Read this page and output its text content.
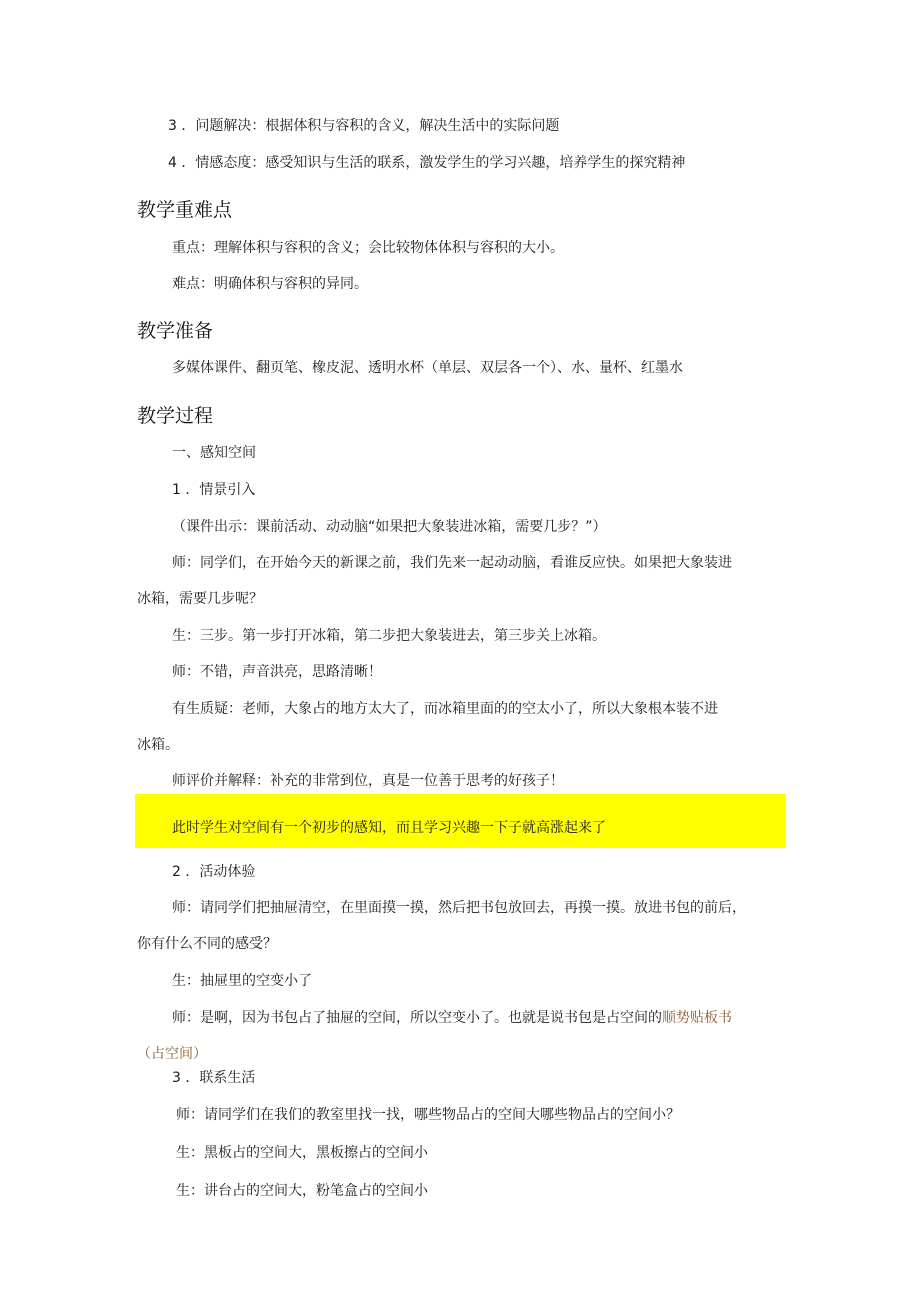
3 ．问题解决：根据体积与容积的含义，解决生活中的实际问题
4 ．情感态度：感受知识与生活的联系，激发学生的学习兴趣，培养学生的探究精神
教学重难点
重点：理解体积与容积的含义；会比较物体体积与容积的大小。
难点：明确体积与容积的异同。
教学准备
多媒体课件、翻页笔、橡皮泥、透明水杯（单层、双层各一个）、水、量杯、红墨水
教学过程
一、感知空间
1 ．情景引入
（课件出示：课前活动、动动脑“如果把大象装进冰箱，需要几步？”）
师：同学们，在开始今天的新课之前，我们先来一起动动脑，看谁反应快。如果把大象装进
冰箱，需要几步呢？
生：三步。第一步打开冰箱，第二步把大象装进去，第三步关上冰箱。
师：不错，声音洪亮，思路清晰！
有生质疑：老师，大象占的地方太大了，而冰箱里面的的空太小了，所以大象根本装不进
冰箱。
师评价并解释：补充的非常到位，真是一位善于思考的好孩子！
此时学生对空间有一个初步的感知，而且学习兴趣一下子就高涨起来了
2 ．活动体验
师：请同学们把抽屉清空，在里面摸一摸，然后把书包放回去，再摸一摸。放进书包的前后，
你有什么不同的感受？
生：抽屉里的空变小了
师：是啊，因为书包占了抽屉的空间，所以空变小了。也就是说书包是占空间的顺势贴板书
（占空间）
3 ．联系生活
师：请同学们在我们的教室里找一找，哪些物品占的空间大哪些物品占的空间小？
生：黑板占的空间大，黑板擦占的空间小
生：讲台占的空间大，粉笔盒占的空间小
